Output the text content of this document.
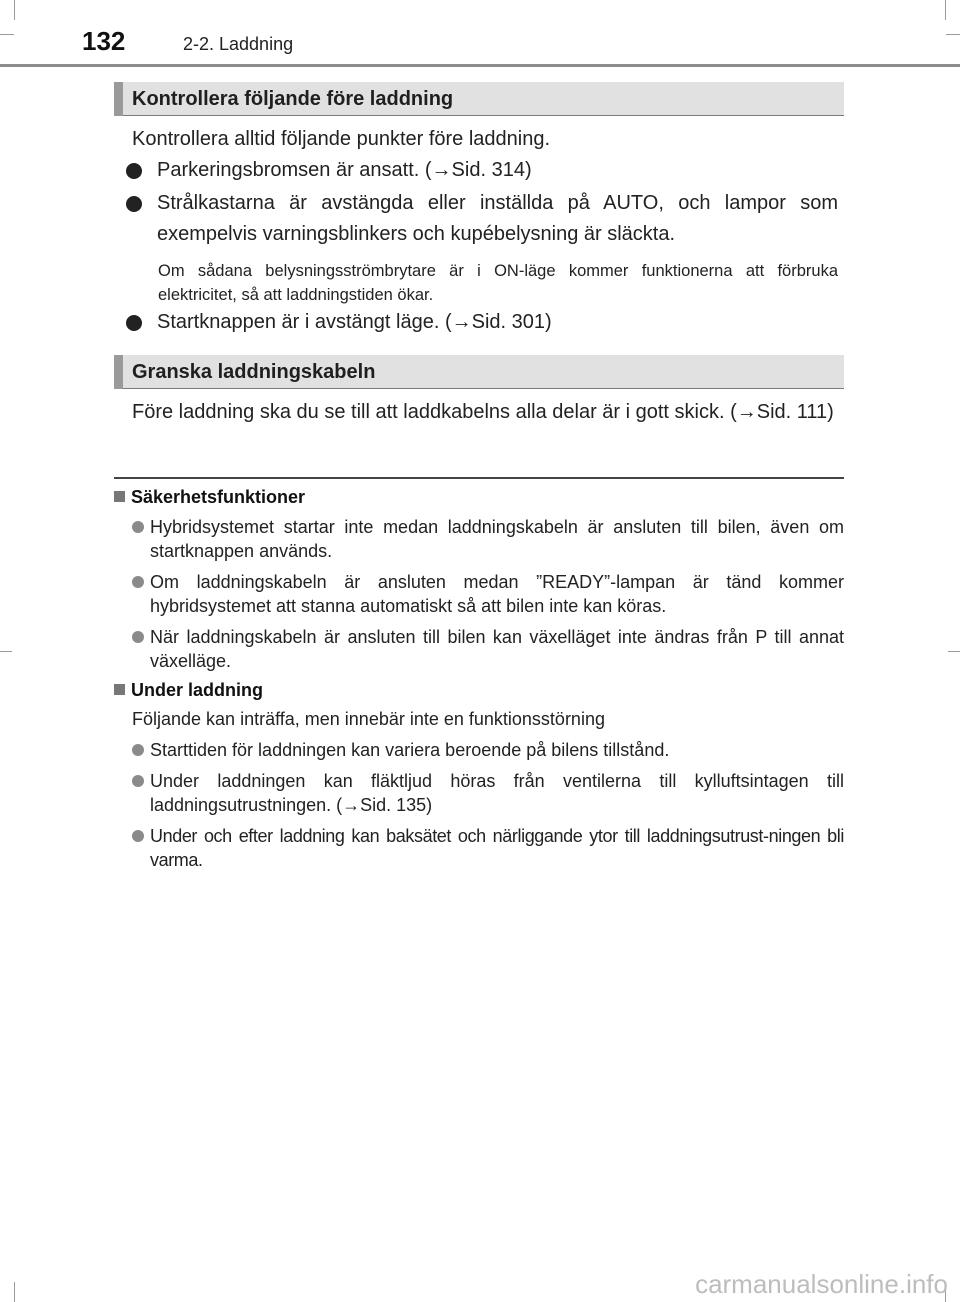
132	2-2. Laddning
Kontrollera följande före laddning
Kontrollera alltid följande punkter före laddning.
Parkeringsbromsen är ansatt. (→Sid. 314)
Strålkastarna är avstängda eller inställda på AUTO, och lampor som exempelvis varningsblinkers och kupébelysning är släckta.
Om sådana belysningsströmbrytare är i ON-läge kommer funktionerna att förbruka elektricitet, så att laddningstiden ökar.
Startknappen är i avstängt läge. (→Sid. 301)
Granska laddningskabeln
Före laddning ska du se till att laddkabelns alla delar är i gott skick. (→Sid. 111)
Säkerhetsfunktioner
Hybridsystemet startar inte medan laddningskabeln är ansluten till bilen, även om startknappen används.
Om laddningskabeln är ansluten medan ”READY”-lampan är tänd kommer hybridsystemet att stanna automatiskt så att bilen inte kan köras.
När laddningskabeln är ansluten till bilen kan växelläget inte ändras från P till annat växelläge.
Under laddning
Följande kan inträffa, men innebär inte en funktionsstörning
Starttiden för laddningen kan variera beroende på bilens tillstånd.
Under laddningen kan fläktljud höras från ventilerna till kylluftsintagen till laddningsutrustningen. (→Sid. 135)
Under och efter laddning kan baksätet och närliggande ytor till laddningsutrust-ningen bli varma.
carmanualsonline.info
